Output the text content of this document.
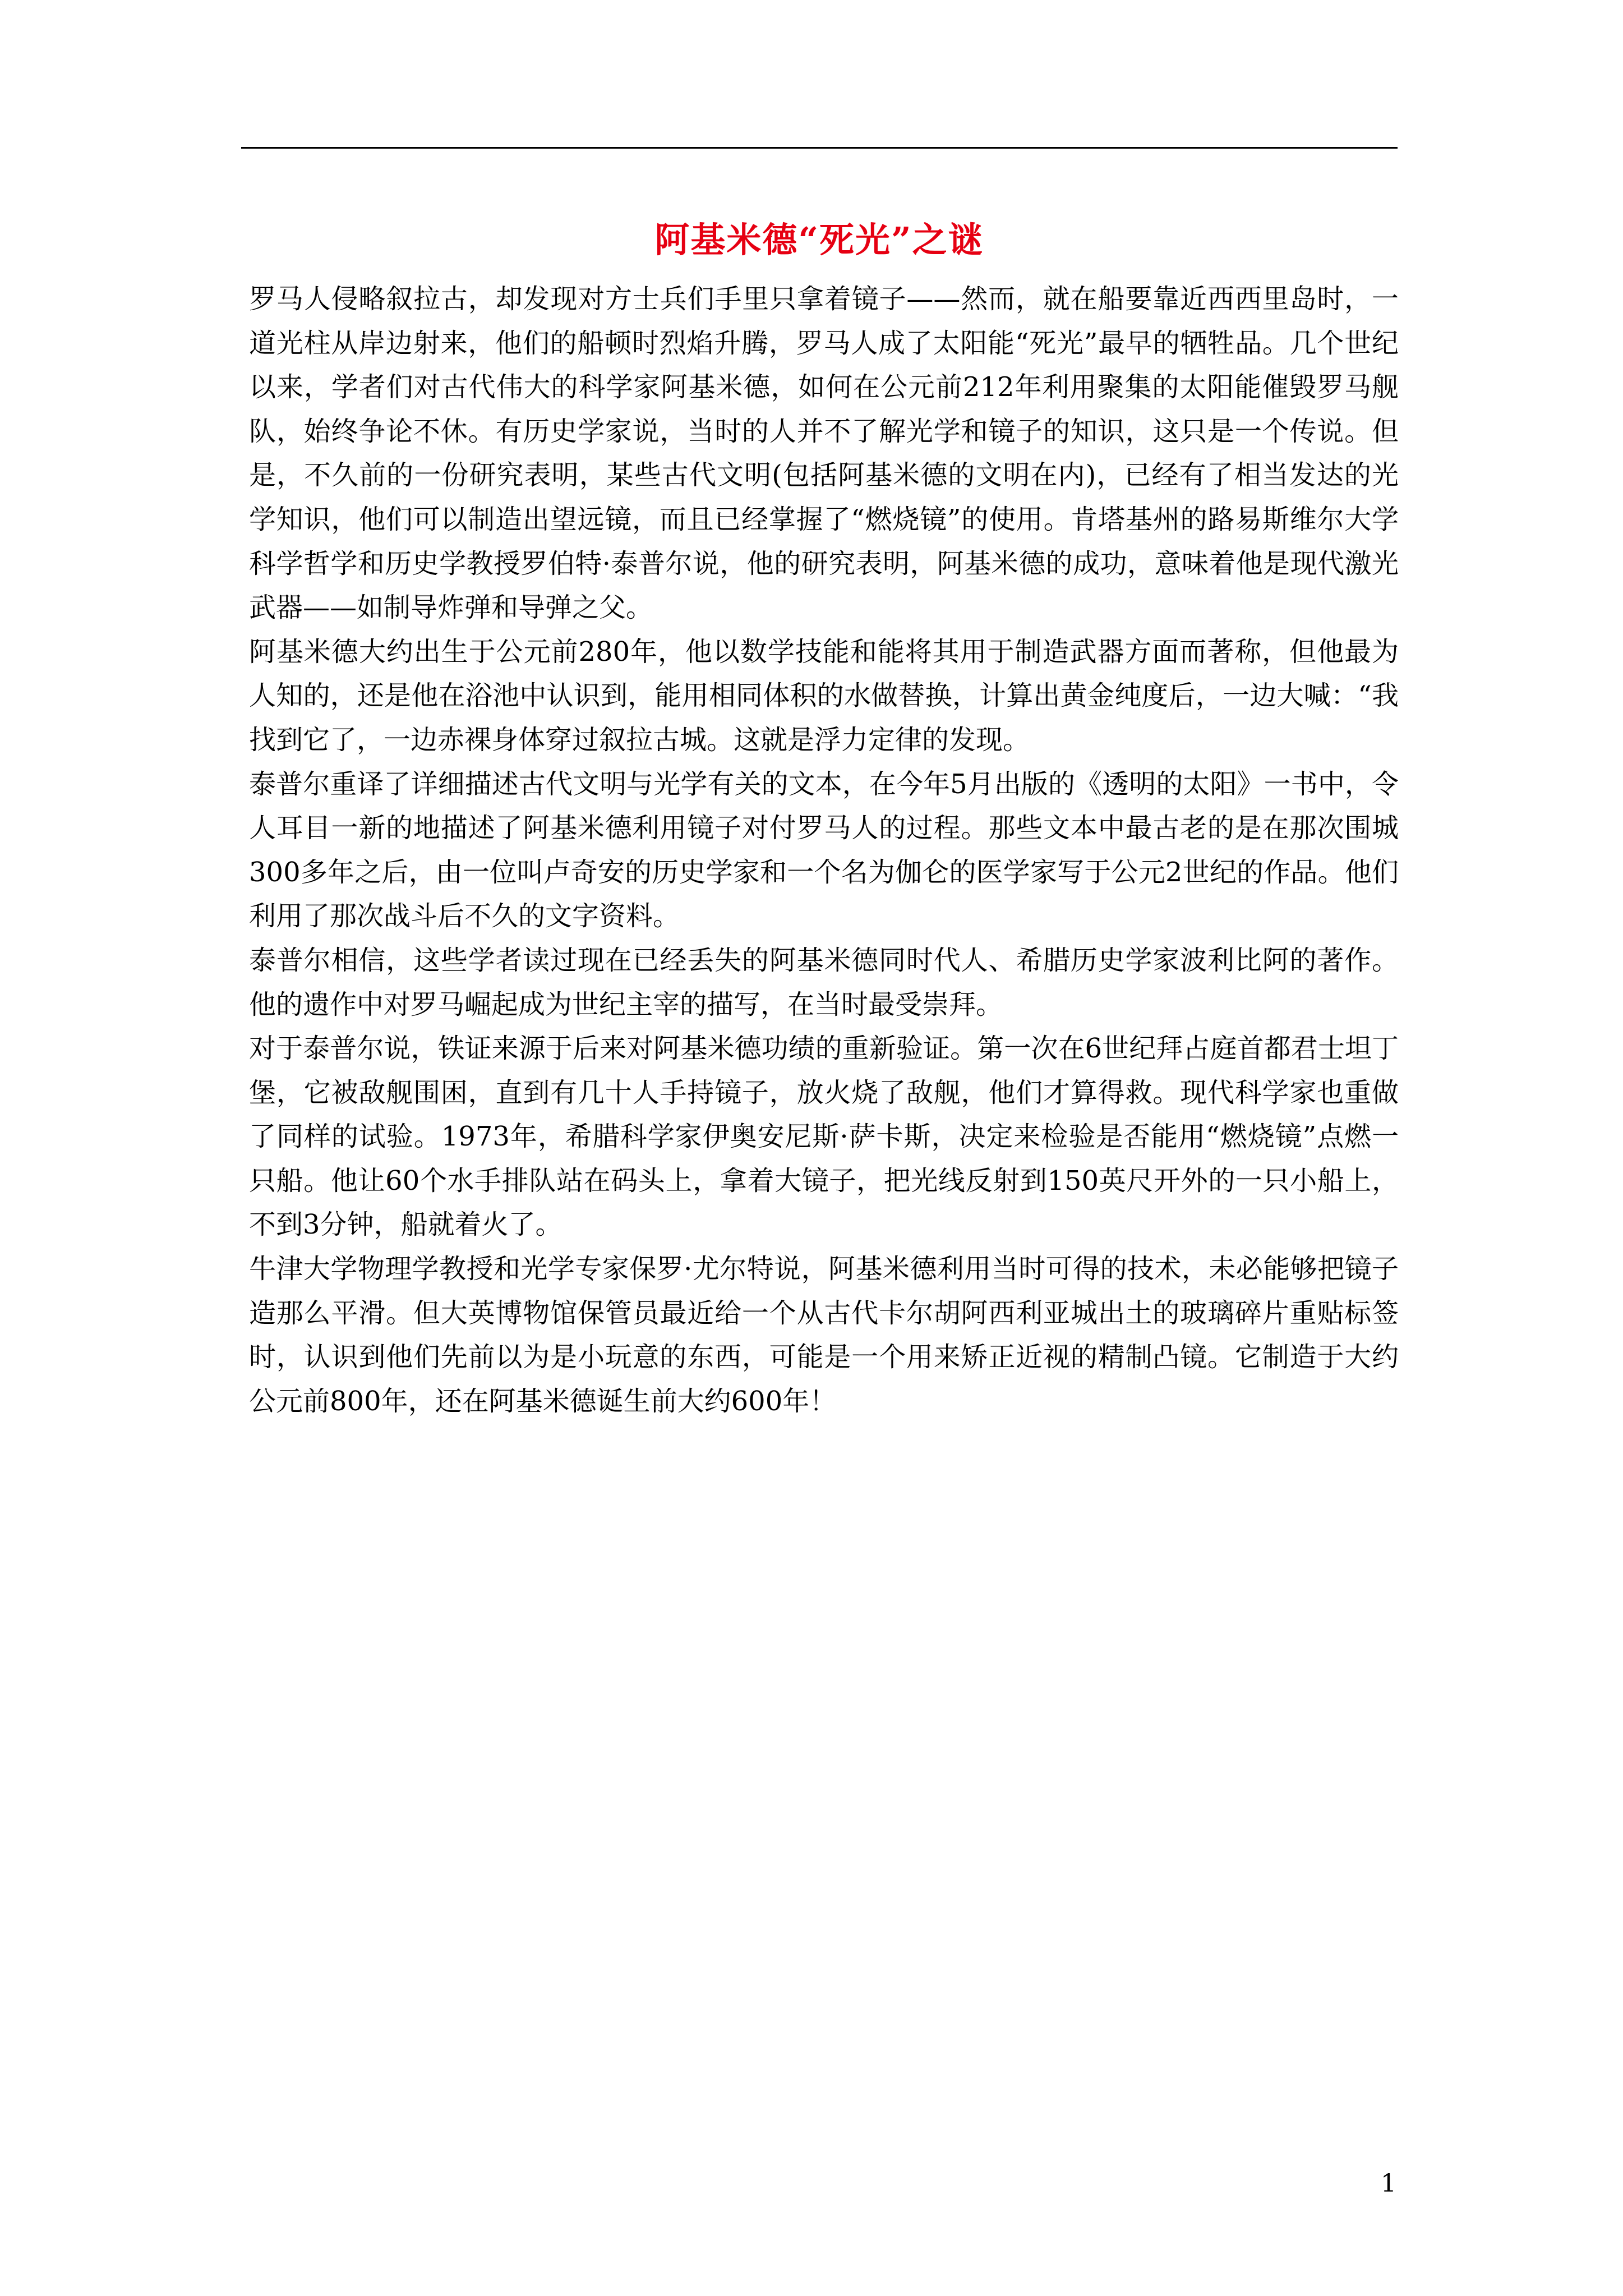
阿基米德“死光”之谜

罗马人侵略叙拉古，却发现对方士兵们手里只拿着镜子——然而，就在船要靠近西西里岛时，一道光柱从岸边射来，他们的船顿时烈焰升腾，罗马人成了太阳能“死光”最早的牺牲品。几个世纪以来，学者们对古代伟大的科学家阿基米德，如何在公元前212年利用聚集的太阳能催毁罗马舰队，始终争论不休。有历史学家说，当时的人并不了解光学和镜子的知识，这只是一个传说。但是，不久前的一份研究表明，某些古代文明(包括阿基米德的文明在内)，已经有了相当发达的光学知识，他们可以制造出望远镜，而且已经掌握了“燃烧镜”的使用。肯塔基州的路易斯维尔大学科学哲学和历史学教授罗伯特·泰普尔说，他的研究表明，阿基米德的成功，意味着他是现代激光武器——如制导炸弹和导弹之父。

阿基米德大约出生于公元前280年，他以数学技能和能将其用于制造武器方面而著称，但他最为人知的，还是他在浴池中认识到，能用相同体积的水做替换，计算出黄金纯度后，一边大喊：“我找到它了，一边赤裸身体穿过叙拉古城。这就是浮力定律的发现。

泰普尔重译了详细描述古代文明与光学有关的文本，在今年5月出版的《透明的太阳》一书中，令人耳目一新的地描述了阿基米德利用镜子对付罗马人的过程。那些文本中最古老的是在那次围城300多年之后，由一位叫卢奇安的历史学家和一个名为伽仑的医学家写于公元2世纪的作品。他们利用了那次战斗后不久的文字资料。

泰普尔相信，这些学者读过现在已经丢失的阿基米德同时代人、希腊历史学家波利比阿的著作。他的遗作中对罗马崛起成为世纪主宰的描写，在当时最受崇拜。

对于泰普尔说，铁证来源于后来对阿基米德功绩的重新验证。第一次在6世纪拜占庭首都君士坦丁堡，它被敌舰围困，直到有几十人手持镜子，放火烧了敌舰，他们才算得救。现代科学家也重做了同样的试验。1973年，希腊科学家伊奥安尼斯·萨卡斯，决定来检验是否能用“燃烧镜”点燃一只船。他让60个水手排队站在码头上，拿着大镜子，把光线反射到150英尺开外的一只小船上，不到3分钟，船就着火了。

牛津大学物理学教授和光学专家保罗·尤尔特说，阿基米德利用当时可得的技术，未必能够把镜子造那么平滑。但大英博物馆保管员最近给一个从古代卡尔胡阿西利亚城出土的玻璃碎片重贴标签时，认识到他们先前以为是小玩意的东西，可能是一个用来矫正近视的精制凸镜。它制造于大约公元前800年，还在阿基米德诞生前大约600年！

1
